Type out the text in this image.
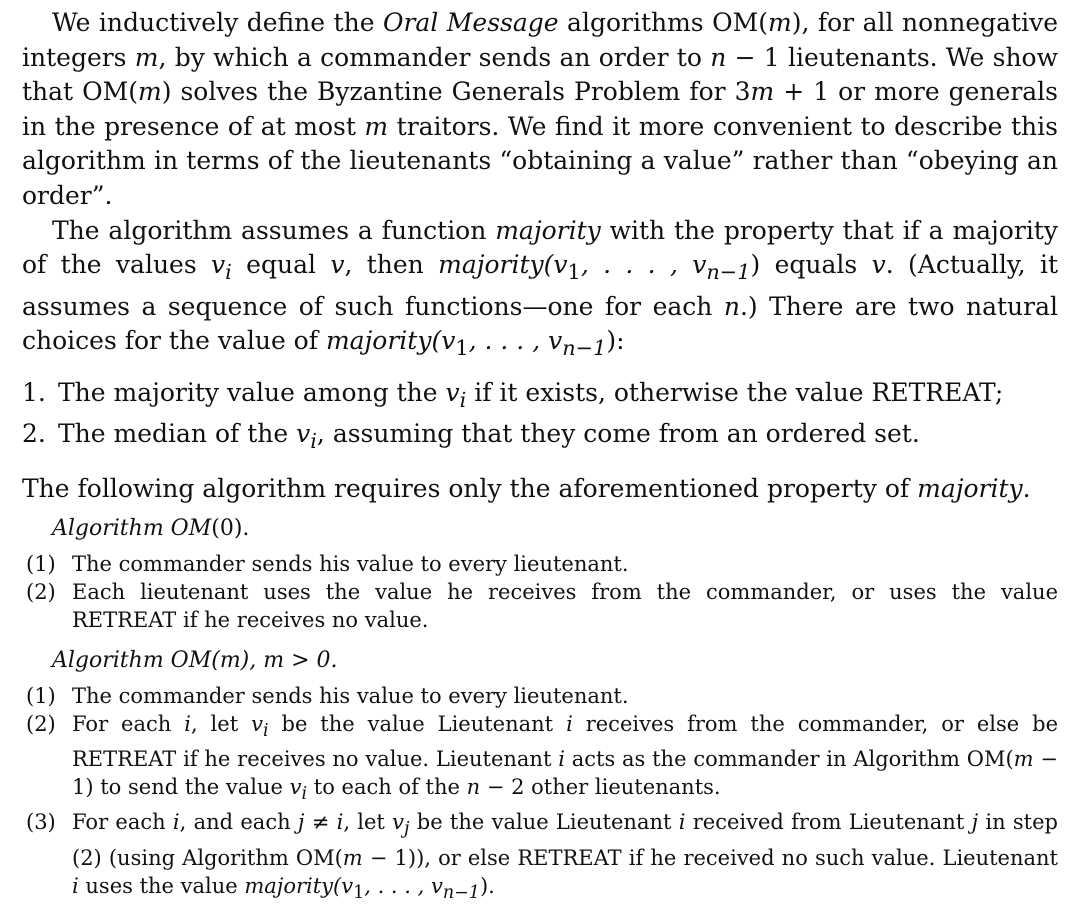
We inductively define the Oral Message algorithms OM(m), for all nonnegative integers m, by which a commander sends an order to n − 1 lieutenants. We show that OM(m) solves the Byzantine Generals Problem for 3m + 1 or more generals in the presence of at most m traitors. We find it more convenient to describe this algorithm in terms of the lieutenants “obtaining a value” rather than “obeying an order”.

The algorithm assumes a function majority with the property that if a majority of the values $v_i$ equal v, then $majority(v_1$, . . . , $v_{n-1}$) equals v. (Actually, it assumes a sequence of such functions—one for each n.) There are two natural choices for the value of $majority(v_1$, . . . , $v_{n-1}$):

1. The majority value among the $v_i$ if it exists, otherwise the value RETREAT;
2. The median of the $v_i$, assuming that they come from an ordered set.

The following algorithm requires only the aforementioned property of majority.

Algorithm OM(0).
(1) The commander sends his value to every lieutenant.
(2) Each lieutenant uses the value he receives from the commander, or uses the value RETREAT if he receives no value.
Algorithm OM(m), m > 0.
(1) The commander sends his value to every lieutenant.
(2) For each i, let $v_i$ be the value Lieutenant i receives from the commander, or else be RETREAT if he receives no value. Lieutenant i acts as the commander in Algorithm OM(m − 1) to send the value $v_i$ to each of the n − 2 other lieutenants.
(3) For each i, and each j ≠ i, let $v_j$ be the value Lieutenant i received from Lieutenant j in step (2) (using Algorithm OM(m − 1)), or else RETREAT if he received no such value. Lieutenant i uses the value $majority(v_1$, . . . , $v_{n-1}$).
